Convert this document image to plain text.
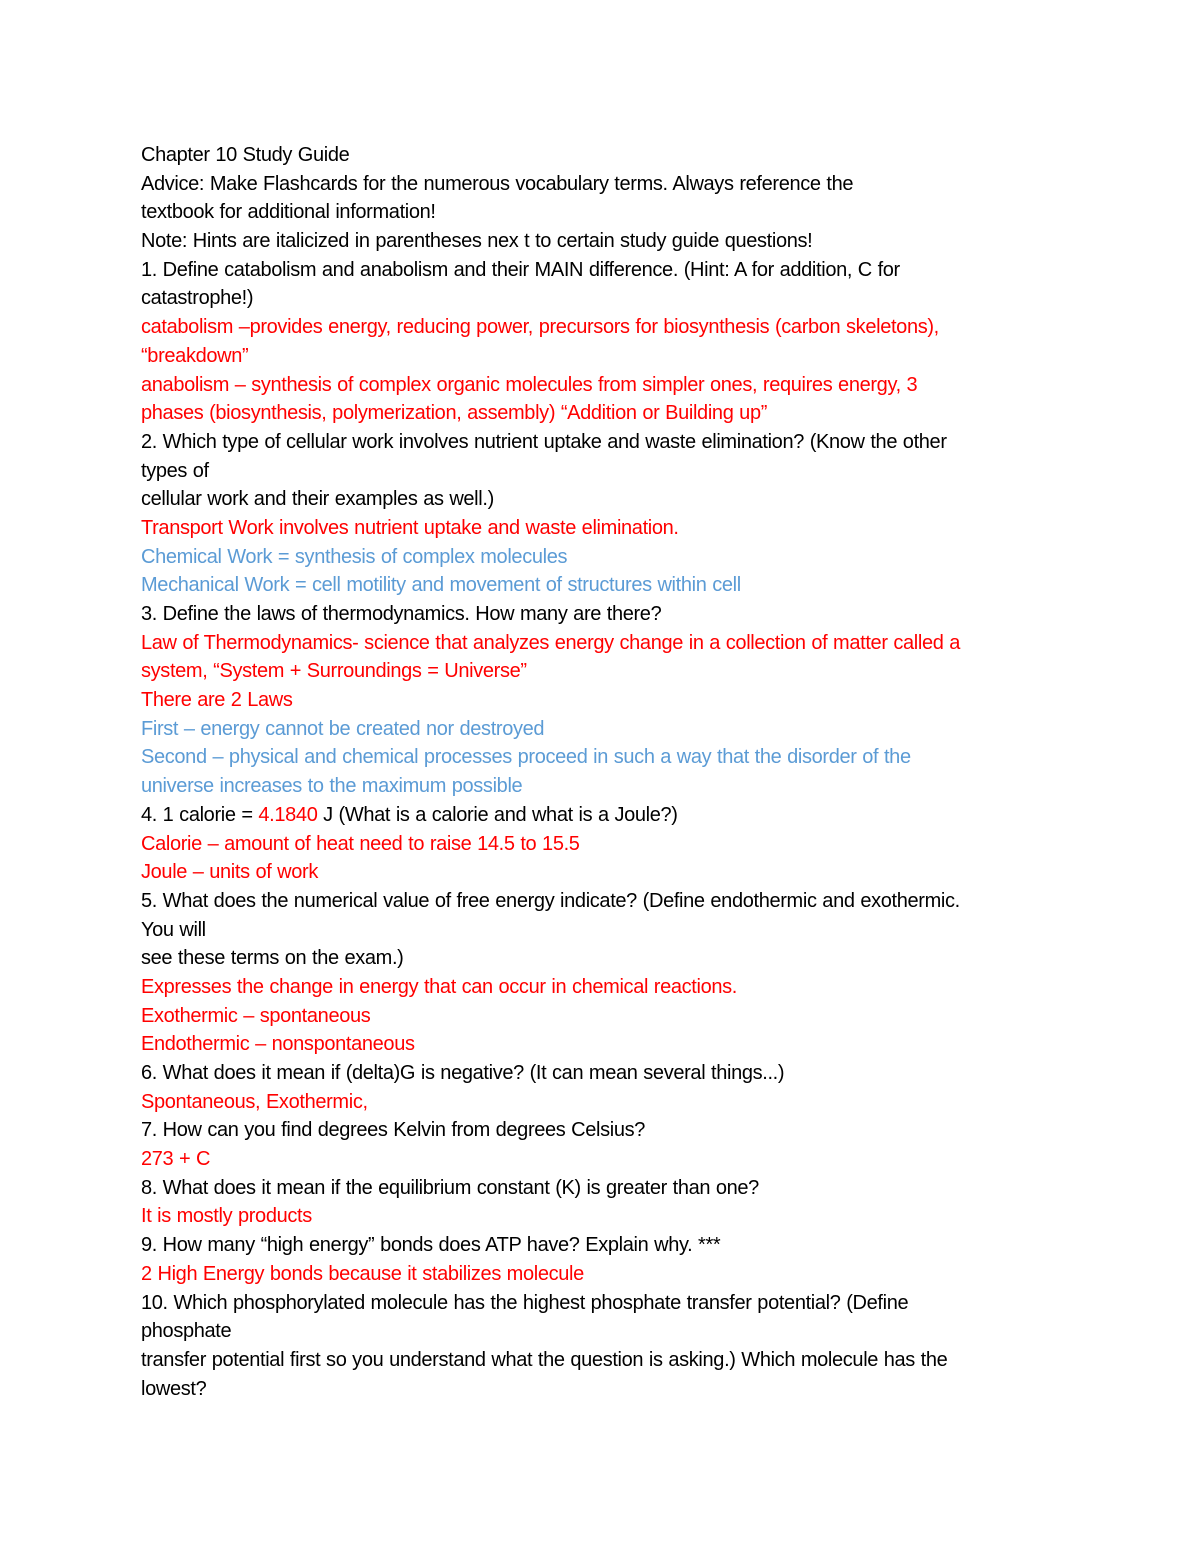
Chapter 10 Study Guide
Advice: Make Flashcards for the numerous vocabulary terms. Always reference the
textbook for additional information!
Note: Hints are italicized in parentheses nex t to certain study guide questions!
1. Define catabolism and anabolism and their MAIN difference. (Hint: A for addition, C for
catastrophe!)
catabolism –provides energy, reducing power, precursors for biosynthesis (carbon skeletons),
“breakdown”
anabolism – synthesis of complex organic molecules from simpler ones, requires energy, 3
phases (biosynthesis, polymerization, assembly) “Addition or Building up”
2. Which type of cellular work involves nutrient uptake and waste elimination? (Know the other
types of
cellular work and their examples as well.)
Transport Work involves nutrient uptake and waste elimination.
Chemical Work = synthesis of complex molecules
Mechanical Work = cell motility and movement of structures within cell
3. Define the laws of thermodynamics. How many are there?
Law of Thermodynamics- science that analyzes energy change in a collection of matter called a
system, “System + Surroundings = Universe”
There are 2 Laws
First – energy cannot be created nor destroyed
Second – physical and chemical processes proceed in such a way that the disorder of the
universe increases to the maximum possible
4. 1 calorie = 4.1840 J (What is a calorie and what is a Joule?)
Calorie – amount of heat need to raise 14.5 to 15.5
Joule – units of work
5. What does the numerical value of free energy indicate? (Define endothermic and exothermic.
You will
see these terms on the exam.)
Expresses the change in energy that can occur in chemical reactions.
Exothermic – spontaneous
Endothermic – nonspontaneous
6. What does it mean if (delta)G is negative? (It can mean several things...)
Spontaneous, Exothermic,
7. How can you find degrees Kelvin from degrees Celsius?
273 + C
8. What does it mean if the equilibrium constant (K) is greater than one?
It is mostly products
9. How many “high energy” bonds does ATP have? Explain why. ***
2 High Energy bonds because it stabilizes molecule
10. Which phosphorylated molecule has the highest phosphate transfer potential? (Define
phosphate
transfer potential first so you understand what the question is asking.) Which molecule has the
lowest?
